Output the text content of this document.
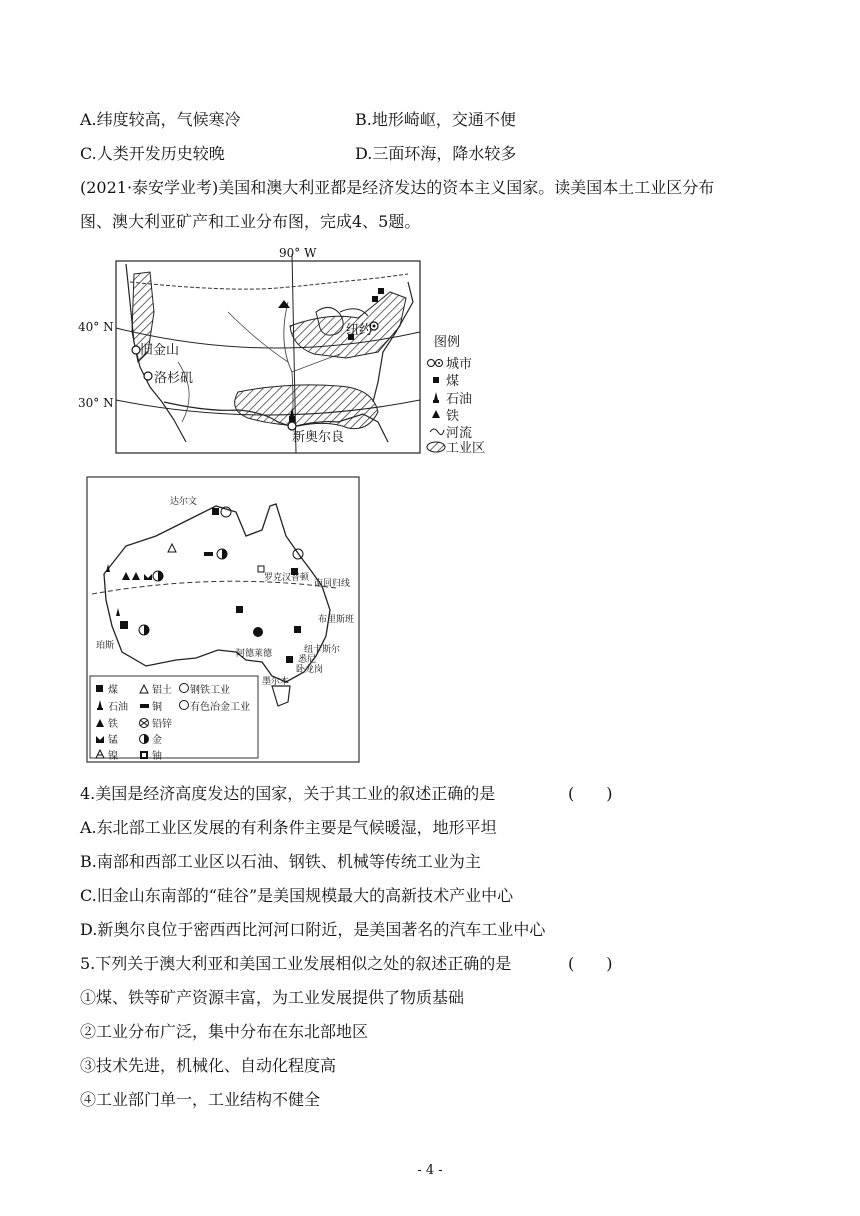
A.纬度较高，气候寒冷	B.地形崎岖，交通不便
C.人类开发历史较晚	D.三面环海，降水较多
(2021·泰安学业考)美国和澳大利亚都是经济发达的资本主义国家。读美国本土工业区分布
图、澳大利亚矿产和工业分布图，完成4、5题。
90° W
40° N
30° N
旧金山
洛杉矶
纽约
新奥尔良
图例
城市
煤
石油
铁
河流
工业区
达尔文
珀斯
罗克汉普顿
南回归线
布里斯班
纽卡斯尔
悉尼
卧龙岗
阿德莱德
墨尔本
煤	铝土 钢铁工业
石油 铜	有色冶金工业
铁	铅锌
锰	金
镍	铀
4.美国是经济高度发达的国家，关于其工业的叙述正确的是	(　　)
A.东北部工业区发展的有利条件主要是气候暖湿，地形平坦
B.南部和西部工业区以石油、钢铁、机械等传统工业为主
C.旧金山东南部的“硅谷”是美国规模最大的高新技术产业中心
D.新奥尔良位于密西西比河河口附近，是美国著名的汽车工业中心
5.下列关于澳大利亚和美国工业发展相似之处的叙述正确的是	(　　)
①煤、铁等矿产资源丰富，为工业发展提供了物质基础
②工业分布广泛，集中分布在东北部地区
③技术先进，机械化、自动化程度高
④工业部门单一，工业结构不健全
- 4 -
